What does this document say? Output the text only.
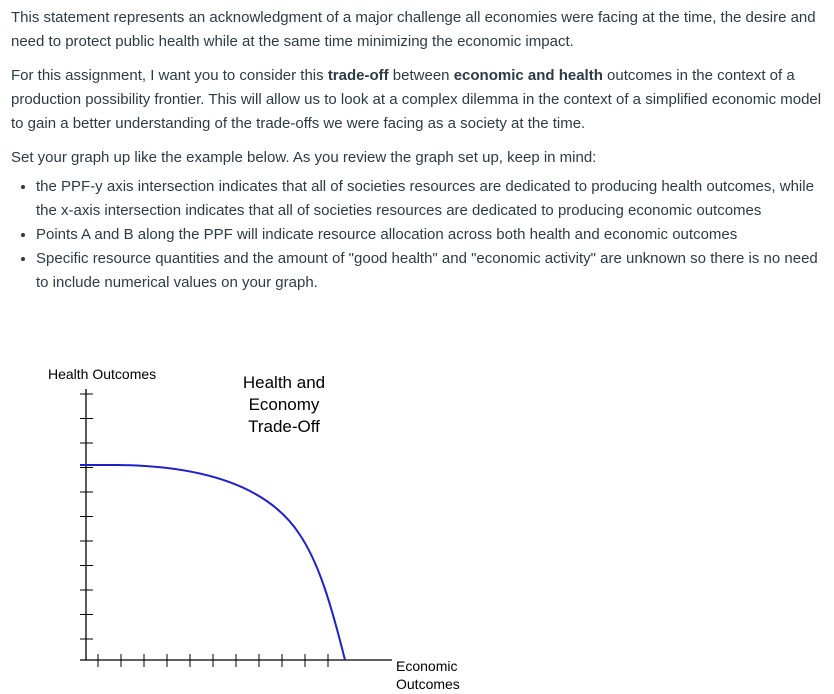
This statement represents an acknowledgment of a major challenge all economies were facing at the time, the desire and need to protect public health while at the same time minimizing the economic impact.

For this assignment, I want you to consider this trade-off between economic and health outcomes in the context of a production possibility frontier. This will allow us to look at a complex dilemma in the context of a simplified economic model to gain a better understanding of the trade-offs we were facing as a society at the time.

Set your graph up like the example below. As you review the graph set up, keep in mind:

• the PPF-y axis intersection indicates that all of societies resources are dedicated to producing health outcomes, while the x-axis intersection indicates that all of societies resources are dedicated to producing economic outcomes
• Points A and B along the PPF will indicate resource allocation across both health and economic outcomes
• Specific resource quantities and the amount of "good health" and "economic activity" are unknown so there is no need to include numerical values on your graph.
Health Outcomes	Health and
Economy
Trade-Off
Economic
Outcomes
